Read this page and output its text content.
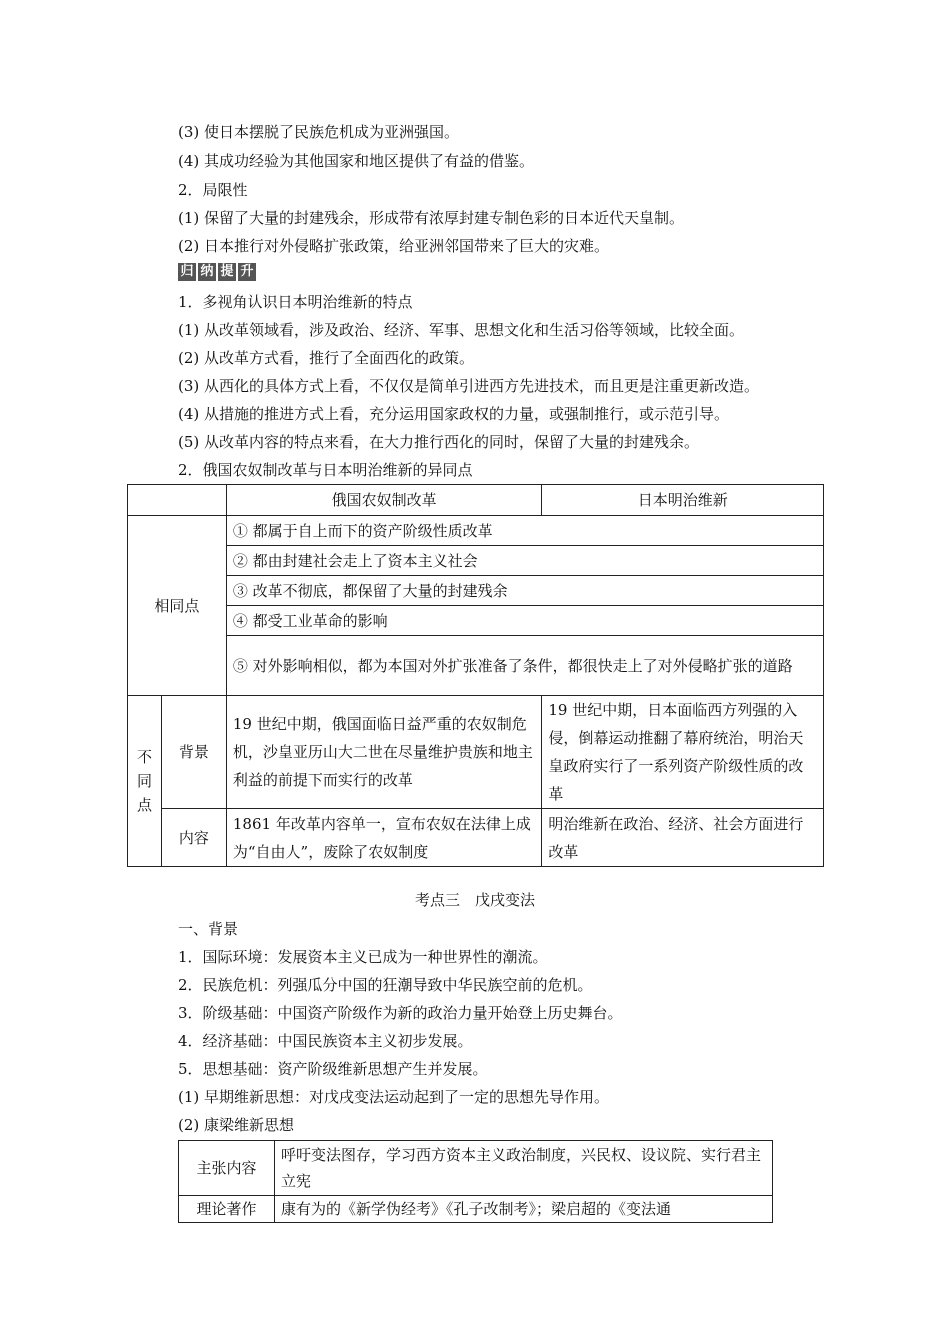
(3) 使日本摆脱了民族危机成为亚洲强国。
(4) 其成功经验为其他国家和地区提供了有益的借鉴。
2．局限性
(1) 保留了大量的封建残余，形成带有浓厚封建专制色彩的日本近代天皇制。
(2) 日本推行对外侵略扩张政策，给亚洲邻国带来了巨大的灾难。
归 纳 提 升
1．多视角认识日本明治维新的特点
(1) 从改革领域看，涉及政治、经济、军事、思想文化和生活习俗等领域，比较全面。
(2) 从改革方式看，推行了全面西化的政策。
(3) 从西化的具体方式上看，不仅仅是简单引进西方先进技术，而且更是注重更新改造。
(4) 从措施的推进方式上看，充分运用国家政权的力量，或强制推行，或示范引导。
(5) 从改革内容的特点来看，在大力推行西化的同时，保留了大量的封建残余。
2．俄国农奴制改革与日本明治维新的异同点
		俄国农奴制改革	日本明治维新
相同点		① 都属于自上而下的资产阶级性质改革	
		② 都由封建社会走上了资本主义社会	
		③ 改革不彻底，都保留了大量的封建残余	
		④ 都受工业革命的影响	
		⑤ 对外影响相似，都为本国对外扩张准备了条件，都很快走上了对外侵略扩张的道路	

不
同
点	背景	19 世纪中期，俄国面临日益严重的农奴制危机，沙皇亚历山大二世在尽量维护贵族和地主利益的前提下而实行的改革	19 世纪中期，日本面临西方列强的入侵，倒幕运动推翻了幕府统治，明治天皇政府实行了一系列资产阶级性质的改革
	内容	1861 年改革内容单一，宣布农奴在法律上成为“自由人”，废除了农奴制度	明治维新在政治、经济、社会方面进行改革
考点三　戊戌变法
一、背景
1．国际环境：发展资本主义已成为一种世界性的潮流。
2．民族危机：列强瓜分中国的狂潮导致中华民族空前的危机。
3．阶级基础：中国资产阶级作为新的政治力量开始登上历史舞台。
4．经济基础：中国民族资本主义初步发展。
5．思想基础：资产阶级维新思想产生并发展。
(1) 早期维新思想：对戊戌变法运动起到了一定的思想先导作用。
(2) 康梁维新思想
主张内容	呼吁变法图存，学习西方资本主义政治制度，兴民权、设议院、实行君主立宪
理论著作	康有为的《新学伪经考》《孔子改制考》；梁启超的《变法通
